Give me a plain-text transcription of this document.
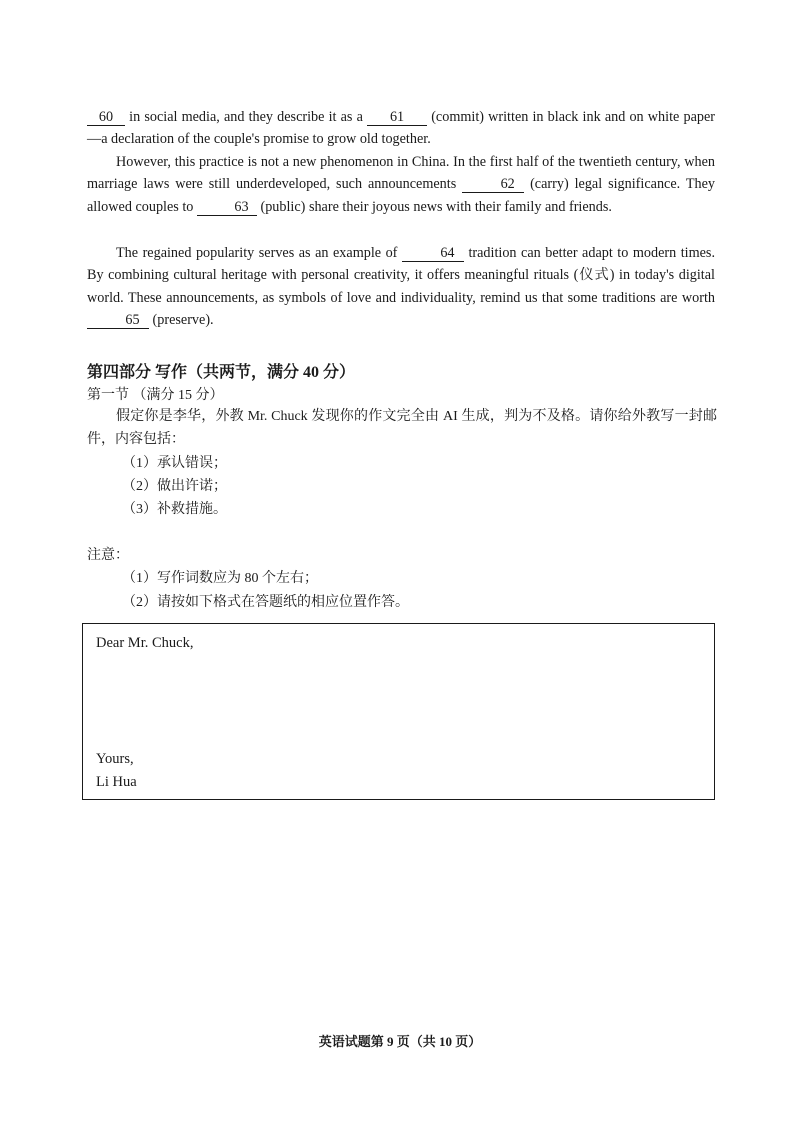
60 in social media, and they describe it as a 61 (commit) written in black ink and on white paper—a declaration of the couple's promise to grow old together.
However, this practice is not a new phenomenon in China. In the first half of the twentieth century, when marriage laws were still underdeveloped, such announcements	62 (carry) legal significance. They allowed couples to	63 (public) share their joyous news with their family and friends.
The regained popularity serves as an example of	64 tradition can better adapt to modern times. By combining cultural heritage with personal creativity, it offers meaningful rituals (仪式) in today's digital world. These announcements, as symbols of love and individuality, remind us that some traditions are worth 65 (preserve).
第四部分 写作（共两节，满分 40 分）
第一节 （满分 15 分）
假定你是李华，外教 Mr. Chuck 发现你的作文完全由 AI 生成，判为不及格。请你给外教写一封邮件，内容包括：
（1）承认错误；
（2）做出许诺；
（3）补救措施。
注意：
（1）写作词数应为 80 个左右；
（2）请按如下格式在答题纸的相应位置作答。
Dear Mr. Chuck,
Yours,
Li Hua
英语试题第 9 页（共 10 页）
